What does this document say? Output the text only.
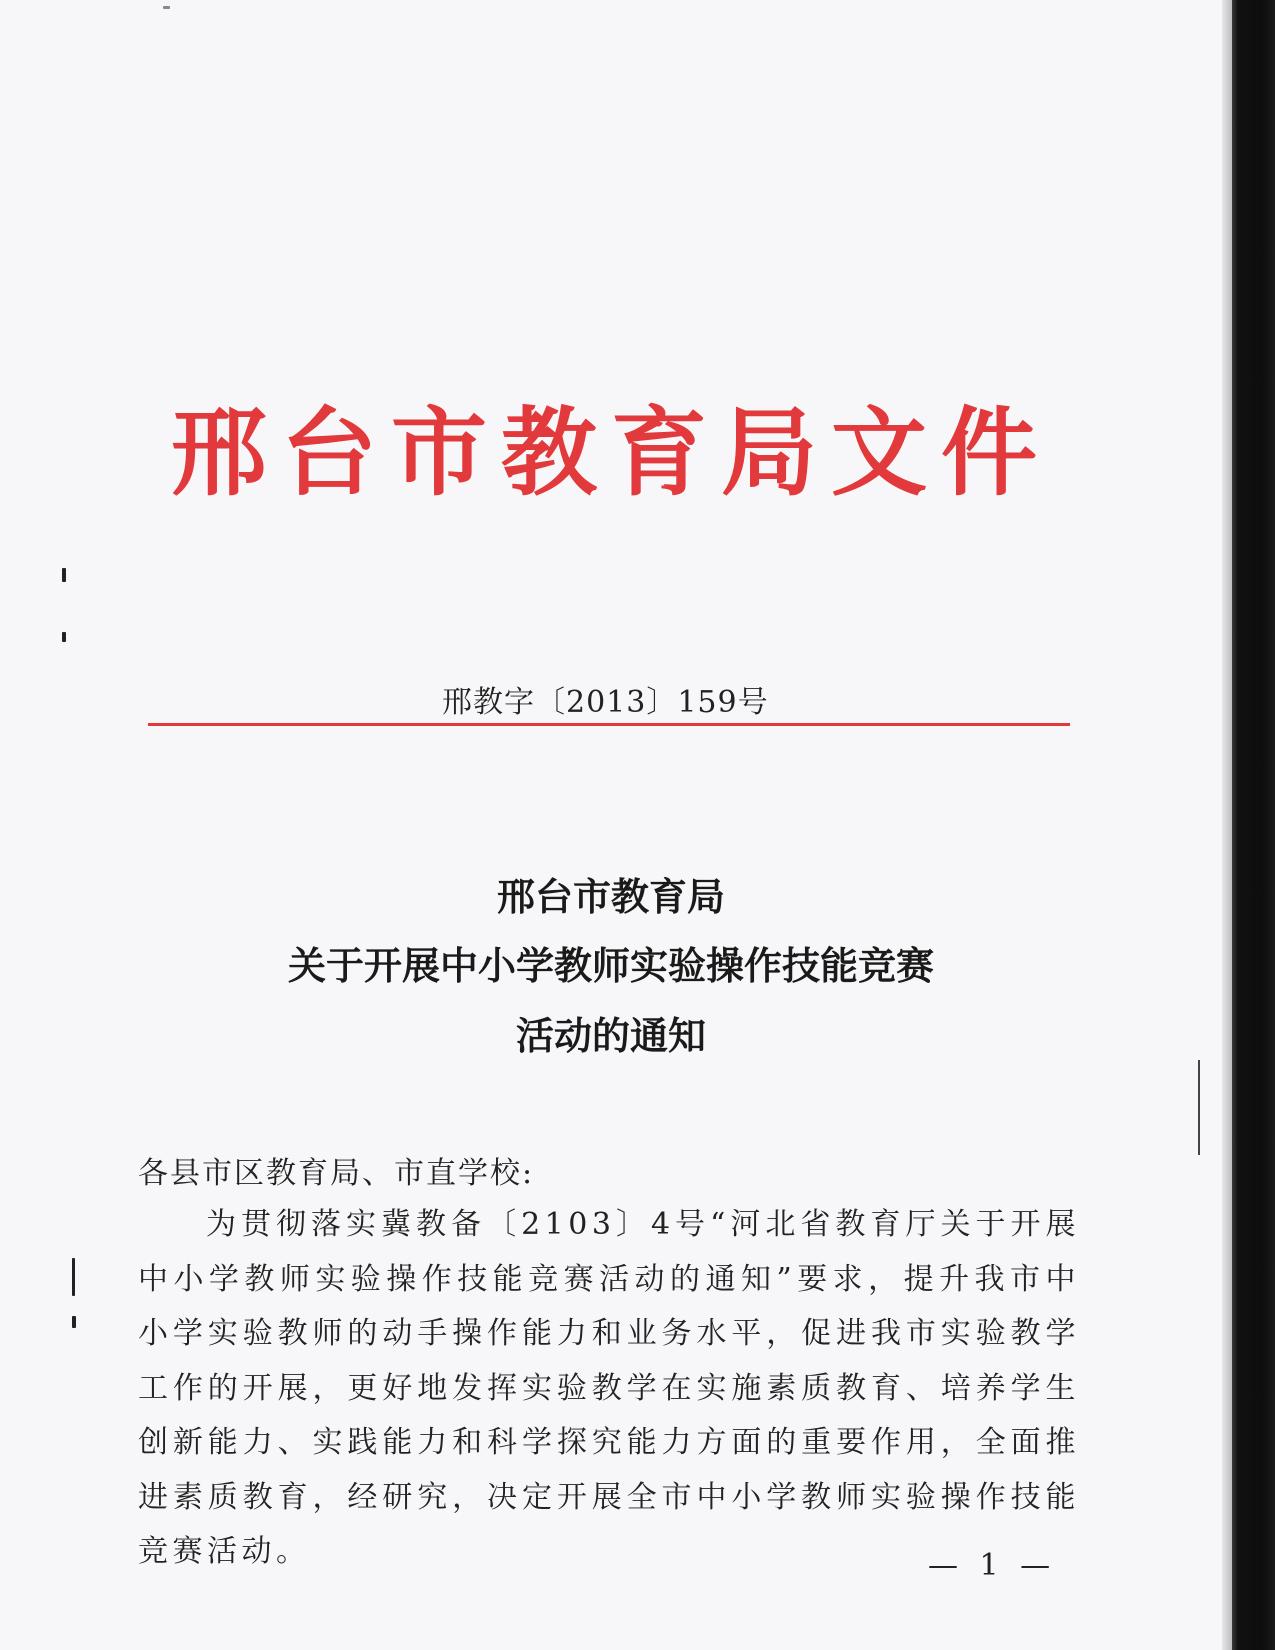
邢台市教育局文件
邢教字〔2013〕159号
邢台市教育局
关于开展中小学教师实验操作技能竞赛
活动的通知
各县市区教育局、市直学校:
为贯彻落实冀教备〔2103〕4号“河北省教育厅关于开展中小学教师实验操作技能竞赛活动的通知”要求，提升我市中小学实验教师的动手操作能力和业务水平，促进我市实验教学工作的开展，更好地发挥实验教学在实施素质教育、培养学生创新能力、实践能力和科学探究能力方面的重要作用，全面推进素质教育，经研究，决定开展全市中小学教师实验操作技能竞赛活动。	— 1 —
